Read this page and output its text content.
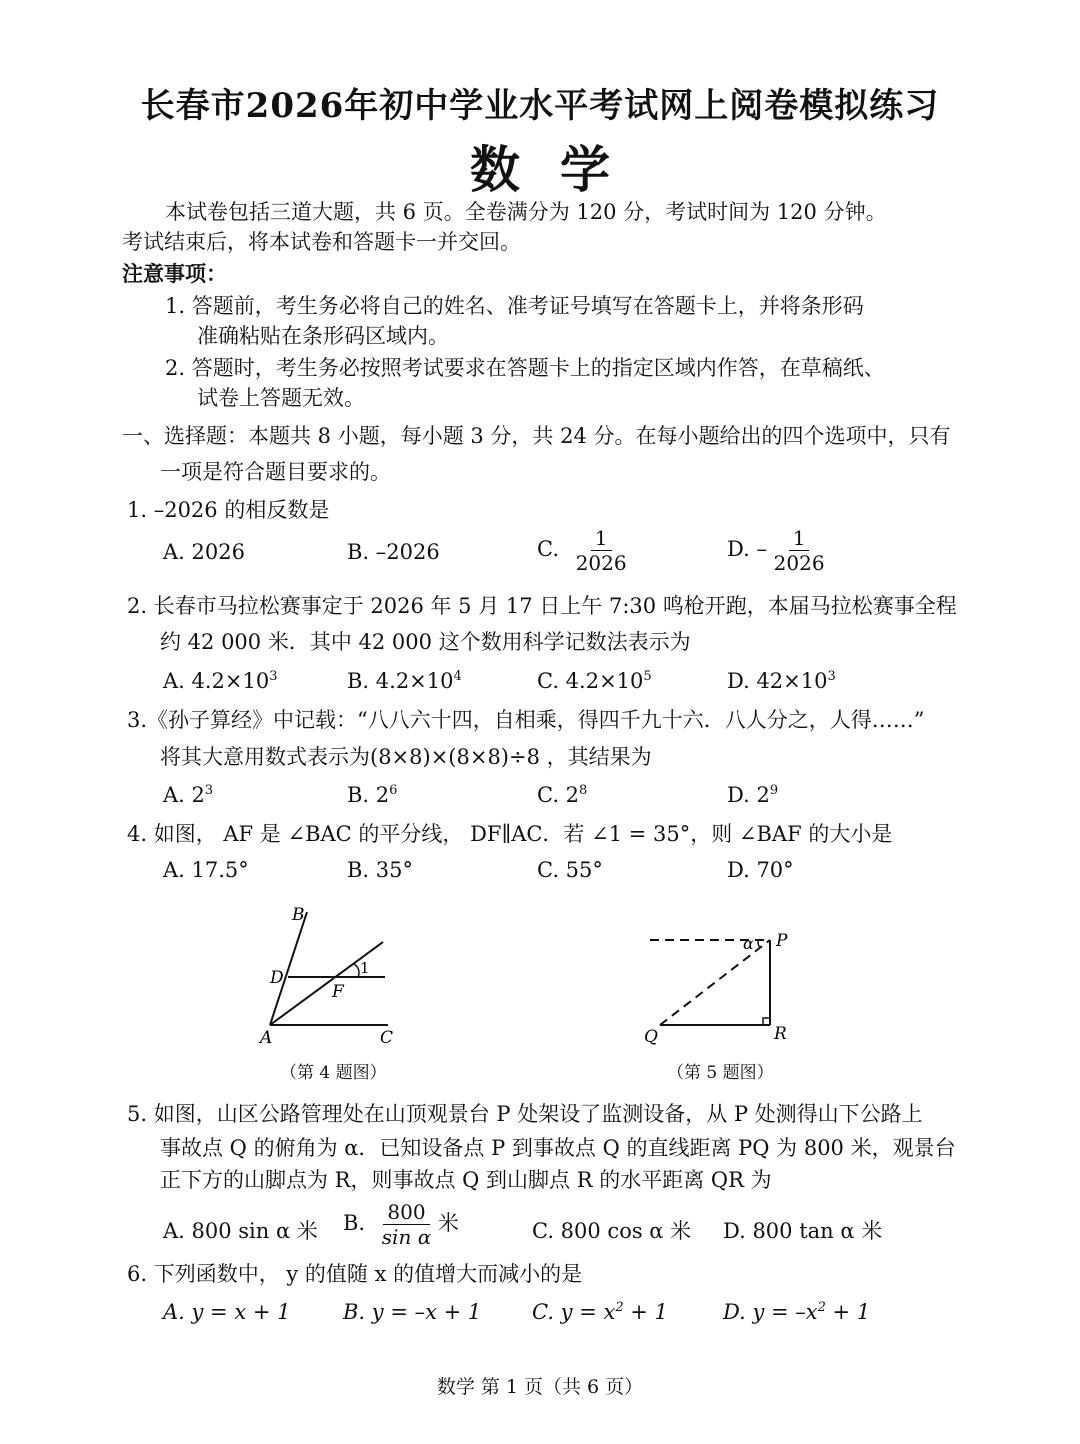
长春市2026年初中学业水平考试网上阅卷模拟练习
数学
本试卷包括三道大题，共 6 页。全卷满分为 120 分，考试时间为 120 分钟。
考试结束后，将本试卷和答题卡一并交回。
注意事项：
1. 答题前，考生务必将自己的姓名、准考证号填写在答题卡上，并将条形码
准确粘贴在条形码区域内。
2. 答题时，考生务必按照考试要求在答题卡上的指定区域内作答，在草稿纸、
试卷上答题无效。
一、选择题：本题共 8 小题，每小题 3 分，共 24 分。在每小题给出的四个选项中，只有
一项是符合题目要求的。
1. –2026 的相反数是
A. 2026	B. –2026	C. $\frac{1}{2026}$	D. – $\frac{1}{2026}$
2. 长春市马拉松赛事定于 2026 年 5 月 17 日上午 7:30 鸣枪开跑，本届马拉松赛事全程
约 42 000 米．其中 42 000 这个数用科学记数法表示为
A. $4.2\times 10^3$	B. $4.2\times 10^4$	C. $4.2\times 10^5$	D. $42\times 10^3$
3.《孙子算经》中记载：“八八六十四，自相乘，得四千九十六．八人分之，人得……”
将其大意用数式表示为(8×8)×(8×8)÷8 ，其结果为
A. $2^3$	B. $2^6$	C. $2^8$	D. $2^9$
4. 如图， AF 是 ∠BAC 的平分线， DF∥AC．若 ∠1 = 35°，则 ∠BAF 的大小是
A. 17.5°	B. 35°	C. 55°	D. 70°
B
D
F
1
A	C
（第 4 题图）
α P
Q	R
（第 5 题图）
5. 如图，山区公路管理处在山顶观景台 P 处架设了监测设备，从 P 处测得山下公路上
事故点 Q 的俯角为 α．已知设备点 P 到事故点 Q 的直线距离 PQ 为 800 米，观景台
正下方的山脚点为 R，则事故点 Q 到山脚点 R 的水平距离 QR 为
A. 800 sin α 米 B. $\frac{800}{\text{sin α}}$ 米	C. 800 cos α 米 D. 800 tan α 米
6. 下列函数中， y 的值随 x 的值增大而减小的是
A. y = x + 1	B. y = –x + 1 C. $y = x^2 + 1$	D. $y = -x^2 + 1$
数学 第 1 页（共 6 页）
